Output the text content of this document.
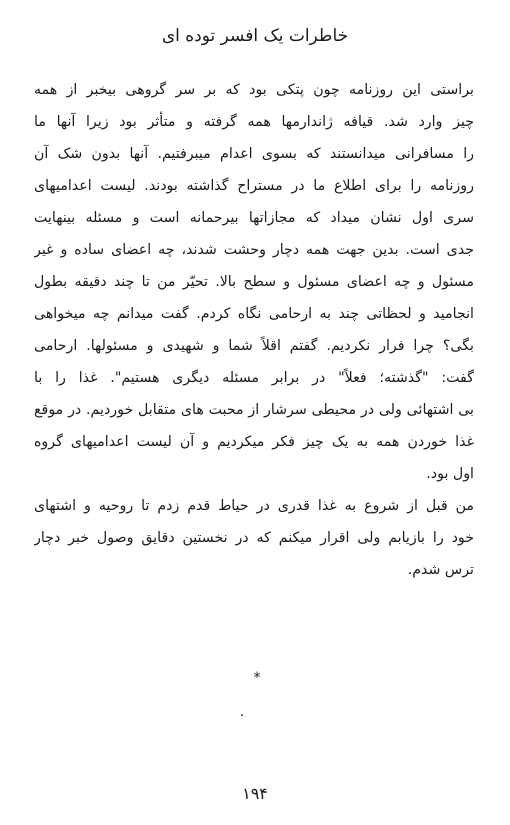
خاطرات یک افسر توده ای
براستی این روزنامه چون پتکی بود که بر سر گروهی بیخبر از همه
چیز وارد شد. قیافه ژاندارمها همه گرفته و متأثر بود زیرا آنها ما
را مسافرانی میدانستند که بسوی اعدام میبرفتیم. آنها بدون شک آن
روزنامه را برای اطلاع ما در مستراح گذاشته بودند. لیست اعدامیهای
سری اول نشان میداد که مجازاتها بیرحمانه است و مسئله بینهایت
جدی است. بدین جهت همه دچار وحشت شدند، چه اعضای ساده و غیر
مسئول و چه اعضای مسئول و سطح بالا. تحیّر من تا چند دقیقه بطول
انجامید و لحظاتی چند به ارحامی نگاه کردم. گفت میدانم چه میخواهی
بگی؟ چرا فرار نکردیم. گفتم اقلاً شما و شهیدی و مسئولها. ارحامی
گفت: "گذشته؛ فعلاً" در برابر مسئله دیگری هستیم". غذا را با
بی اشتهائی ولی در محیطی سرشار از محبت های متقابل خوردیم. در موقع
غذا خوردن همه به یک چیز فکر میکردیم و آن لیست اعدامیهای گروه
اول بود.
من قبل از شروع به غذا قدری در حیاط قدم زدم تا روحیه و اشتهای
خود را بازیابم ولی اقرار میکنم که در نخستین دقایق وصول خبر دچار
ترس شدم.
*
.
۱۹۴
